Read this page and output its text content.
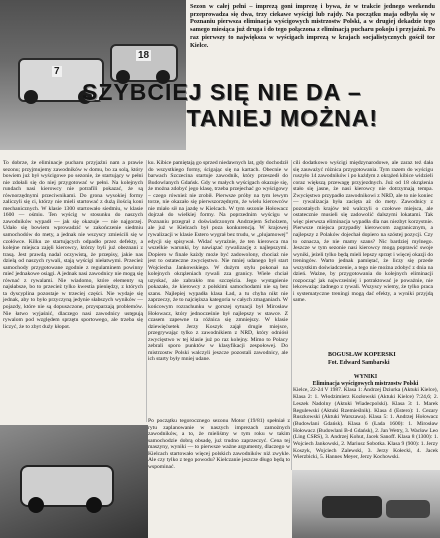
7
18
Sezon w całej pełni – imprezą goni imprezę i bywa, że w trakcie jednego weekendu przeprowadza się dwa, trzy ciekawe wyścigi lub rajdy. Na początku maja odbyła się w Poznaniu pierwsza eliminacja wyścigowych mistrzostw Polski, a w drugiej dekadzie tego samego miesiąca już druga i do tego połączona z eliminacją pucharu pokoju i przyjaźni. Po raz pierwszy to największa w wyścigach imprezą w krajach socjalistycznych gościł tor Kielce.
SZYBCIEJ SIĘ NIE DA –
TANIEJ MOŻNA!
To dobrze, że eliminacje pucharu przyjaźni nam a prawie sezonu; przyjmujemy zawodników w domu, bo za solą, który bowiem już był wyścigowe po sezonie, że startujący w pełni nie zdołali się do niej przygotować w pełni. Na kolejnych rundach nasi kierowcy nie potrafili pokazać, że są równorzędnymi przeciwnikami. Do grona wysokiej formy zaliczyli się ci, którzy nie mieli startować z dużą ilością koni mechanicznych. W klasie 1300 startowało siedmiu, w klasie 1600 — ośmiu. Ten wyścig w stosunku do naszych zawodników wypadł — jak się okazuje — nie najgorzej. Udało się bowiem wprowadzić w zakończenie siedmiu samochodów do mety, a jednak nie wszyscy zmieścili się w czołówce. Kilku ze startujących odpadło przez defekty, a kolejne miejsca zajęli kierowcy, którzy byli już obeznani z trasą. Jest prawdą nadal oczywistą, że przepisy, jakie nas dzielą od naszych rywali, stają wyścigi niełatwymi. Przecież samochody przygotowane zgodnie z regulaminem powinny mieć jednakowe osiągi. A jednak nasi zawodnicy nie mogą się równać z rywalami. Nie wiadomo, które elementy są najsłabsze, bo to przecież tylko kwestia pieniędzy, z których ta dyscyplina pozostaje w trzeciej części. Nie wydaje się jednak, aby to było przyczyną jedynie słabszych wyników — pojazdy, które nie są dopuszczone, przysparzają problemów. Nie łatwo wyjaśnić, dlaczego nasi zawodnicy ustępują rywalom pod względem sprzętu sportowego, ale trzeba się liczyć, że to zbyt duży kłopot.
ku. Kibice pamiętają go sprzed niedawnych lat, gdy dochodził do wszystkiego formy, ścigając się na kartach. Obecnie w barwach Szczecina startuje zawodnik, który przeszedł do Budowlanych Gdańsk. Gdy w małych wyścigach okazuje się, że można zdobyć jego klasę, trzeba przejechać go wyścigowy – czego również nie zrobił. Pierwsze próby na tym lewym torze, nie okazało się pierwszorzędnym, że wielu kierowców nie miało sił na jazdę w Kielcach. W tym sezonie Hołowacz dojrzał do wielkiej formy. Na poprzednim wyścigu w Poznaniu przegrał z doświadczonym Andrzejem Scholzem, ale już w Kielcach był poza konkurencją. W krajowej rywalizacji w klasie Estero wygrał bez trudu, w „plujamowej” edycji się spisywał. Widać wyraźnie, że ten kierowca ma wszelkie warunki, by nawiązać rywalizację z najlepszymi. Dopiero w finale każdy może być zadowolony, chociaż nie jest to ostateczne zwycięstwo. Nie mniej udanego był start Wojciecha Jankowskiego. W dużym stylu pokonał na kolejnych okrążeniach rywali zza granicy. Wiele chciał uzyskać, ale zabrakło mu szczęścia. Jego wystąpienie pokazało, że kierowcy z polskimi samochodami nie są bez szans. Najlepiej wypadła klasa Ład, a tu chyba nikt nie zaprzeczy, że to najcięższa kategoria w całych zmaganiach. W końcowym rozrachunku w gorszej sytuacji był Mirosław Hołowacz, który jednocześnie był najlepszy w stawce. Z czasem zapewne ta różnica się zmniejszy. W klasie dziewięćsetek Jerzy Koszyk zajął drugie miejsce, przegrywając tylko z zawodnikiem z NRD, który odniósł zwycięstwo w tej klasie już po raz kolejny. Mimo to Polacy zebrali sporo punktów w klasyfikacji zespołowej. Do mistrzostw Polski walczyli jeszcze pozostali zawodnicy, ale ich starty były mniej udane.
Po początku tegorocznego sezonu Motor (19/81) spełniał z rytu zaplanowanie w naszych imprezach zamożnych zawodników, a to, że mieliśmy w tym roku w takim samochodzie dobrą obsadę, już trudno zaprzeczyć. Cena tej maszyny, wyniki — to pierwsze ważne argumenty, dlaczego w Kielcach startowało więcej polskich zawodników niż zwykle. Ale czy tylko z tego powodu? Kielczanie jeszcze długo będą to wspominać.
cili dodatkowo wyścigi międzynarodowe, ale zaraz też dała się zauważyć różnica przygotowania. Tym razem do wyścigu ruszyło 14 zawodników i po każdym z okrążeń kibice widzieli coraz większą przewagę przyjezdnych. Już od 18 okrążenia stało się jasne, że nasi kierowcy nie dotrzymają tempa. Zwycięstwo przypadło zawodnikowi z NRD, ale to nie koniec — rywalizacja była zacięta aż do mety. Zawodnicy z pozostałych krajów też walczyli o czołowe miejsca, ale ostatecznie musieli się zadowolić dalszymi lokatami. Tak więc pierwsza eliminacja wypadła dla nas niezbyt korzystnie. Pierwsze miejsca przypadły kierowcom zagranicznym, a najlepszy z Polaków dojechał dopiero na szóstej pozycji. Czy to oznacza, że nie mamy szans? Nic bardziej mylnego. Jeszcze w tym sezonie nasi kierowcy mogą poprawić swoje wyniki, jeżeli tylko będą mieli lepszy sprzęt i więcej okazji do treningów. Warto jednak pamiętać, że liczy się przede wszystkim doświadczenie, a tego nie można zdobyć z dnia na dzień. Ważne, by przygotowania do kolejnych eliminacji rozpocząć jak najwcześniej i potraktować je poważnie, nie lekceważąc żadnego z rywali. Wszyscy wiemy, że tylko praca i systematyczne treningi mogą dać efekty, a wyniki przyjdą same.
BOGUSŁAW KOPERSKI
Fot. Edward Sambarski
WYNIKI
Eliminacja wyścigowych mistrzostw Polski
Kielce, 22-24 V 1987. Klasa 1: Andrzej Dziurka (Aktuki Kielce), Klasa 2: 1. Włodzimierz Kozłowski (Aktuki Kielce) 7:24,6; 2. Leszek Nadolny (Aktuki Wiadecpolski). Klasa 3: 1. Marek Regulewski (Aktuki Rzemieślnik). Klasa 4 (Estero): 1. Cezary Ruszkowski (Aktuki Warszawa). Klasa 5: 1. Andrzej Hołowacz (Budowlani Gdańsk). Klasa 6 (Łada 1600): 1. Mirosław Hołowacz (Budowlani B-d Gdańsk), 2. Jan Wetry, 3. Wacław Leo (Ling CSRS), 3. Andrzej Kohut, Jacek Sanoff. Klasa 8 (1300): 1. Wojciech Jankowski, 2. Mariusz Sobotka. Klasa 9 (900): 1. Jerzy Koszyk, Wojciech Zalewski, 3. Jerzy Kołecki, 4. Jacek Wierzbicki, 5. Hannes Meyer, Jerzy Kochowski.
